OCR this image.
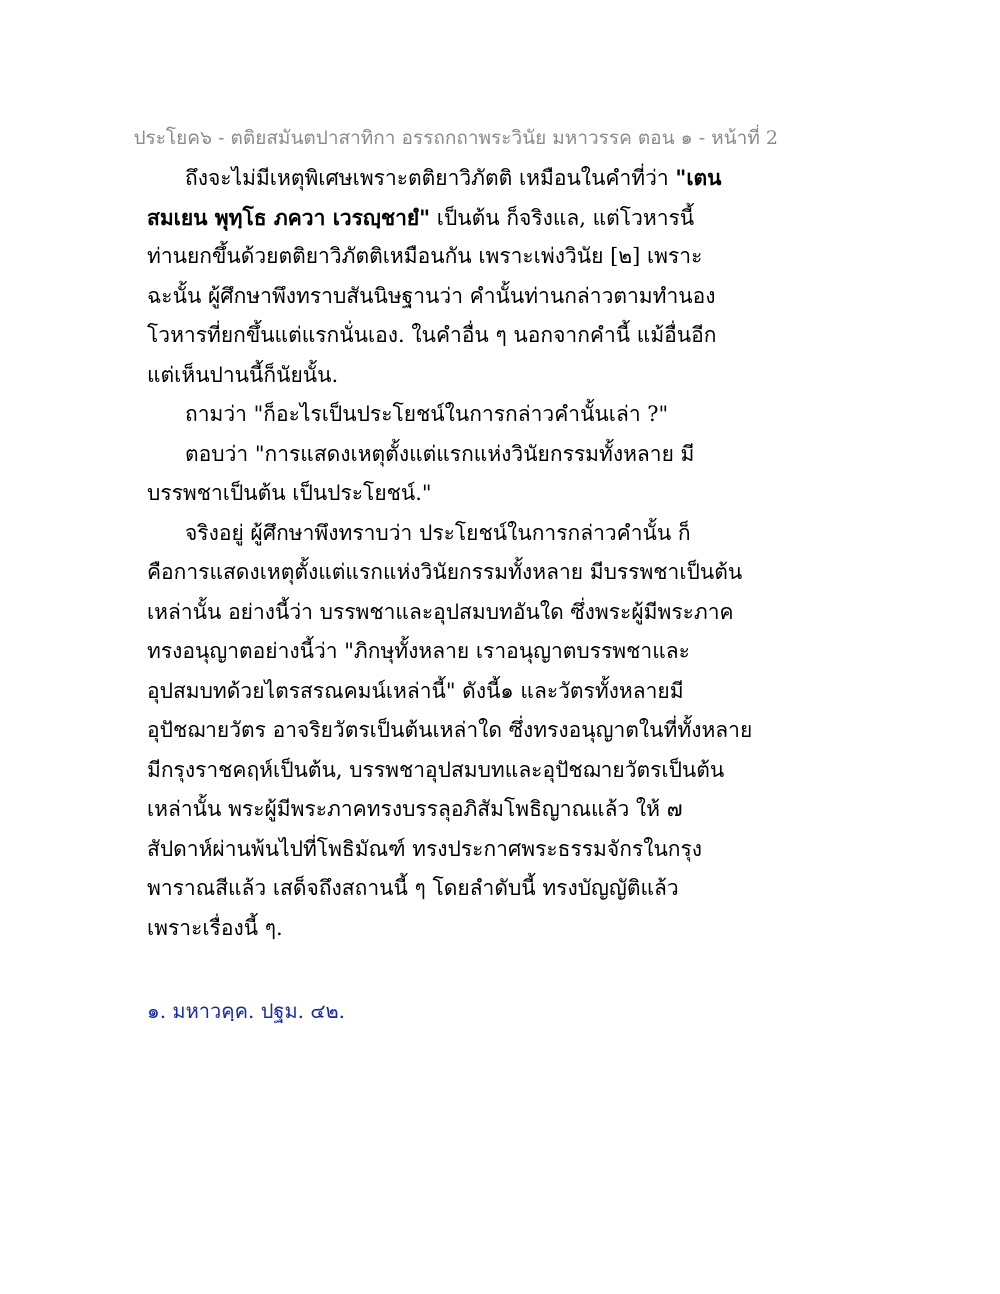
ประโยค๖ - ตติยสมันตปาสาทิกา อรรถกถาพระวินัย มหาวรรค ตอน ๑ - หน้าที่ 2
ถึงจะไม่มีเหตุพิเศษเพราะตติยาวิภัตติ เหมือนในคำที่ว่า "เตน
สมเยน พุทฺโธ ภควา เวรญฺชายํ" เป็นต้น ก็จริงแล, แต่โวหารนี้
ท่านยกขึ้นด้วยตติยาวิภัตติเหมือนกัน เพราะเพ่งวินัย [๒] เพราะ
ฉะนั้น ผู้ศึกษาพึงทราบสันนิษฐานว่า คำนั้นท่านกล่าวตามทำนอง
โวหารที่ยกขึ้นแต่แรกนั่นเอง. ในคำอื่น ๆ นอกจากคำนี้ แม้อื่นอีก
แต่เห็นปานนี้ก็นัยนั้น.
ถามว่า "ก็อะไรเป็นประโยชน์ในการกล่าวคำนั้นเล่า ?"
ตอบว่า "การแสดงเหตุตั้งแต่แรกแห่งวินัยกรรมทั้งหลาย มี
บรรพชาเป็นต้น เป็นประโยชน์."
จริงอยู่ ผู้ศึกษาพึงทราบว่า ประโยชน์ในการกล่าวคำนั้น ก็
คือการแสดงเหตุตั้งแต่แรกแห่งวินัยกรรมทั้งหลาย มีบรรพชาเป็นต้น
เหล่านั้น อย่างนี้ว่า บรรพชาและอุปสมบทอันใด ซึ่งพระผู้มีพระภาค
ทรงอนุญาตอย่างนี้ว่า "ภิกษุทั้งหลาย เราอนุญาตบรรพชาและ
อุปสมบทด้วยไตรสรณคมน์เหล่านี้" ดังนี้๑ และวัตรทั้งหลายมี
อุปัชฌายวัตร อาจริยวัตรเป็นต้นเหล่าใด ซึ่งทรงอนุญาตในที่ทั้งหลาย
มีกรุงราชคฤห์เป็นต้น, บรรพชาอุปสมบทและอุปัชฌายวัตรเป็นต้น
เหล่านั้น พระผู้มีพระภาคทรงบรรลุอภิสัมโพธิญาณแล้ว ให้ ๗
สัปดาห์ผ่านพ้นไปที่โพธิมัณฑ์ ทรงประกาศพระธรรมจักรในกรุง
พาราณสีแล้ว เสด็จถึงสถานนี้ ๆ โดยลำดับนี้ ทรงบัญญัติแล้ว
เพราะเรื่องนี้ ๆ.
๑. มหาวคฺค. ปฐม. ๔๒.
